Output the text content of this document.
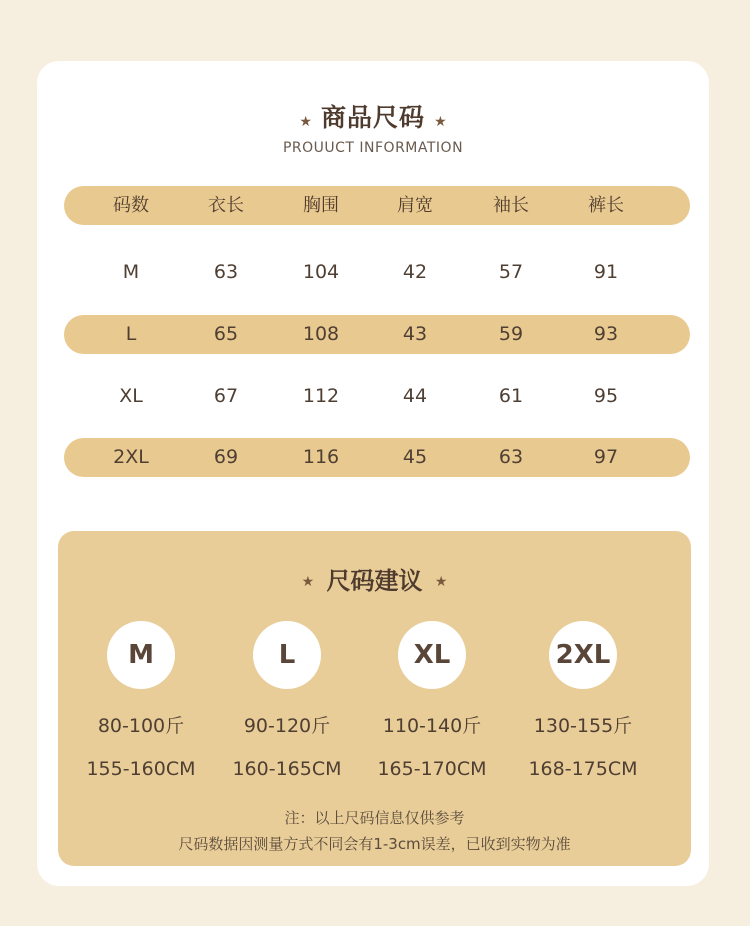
★ 商品尺码 ★
PROUUCT INFORMATION
码数	衣长	胸围	肩宽	袖长	裤长
M	63	104	42	57	91
L	65	108	43	59	93
XL	67	112	44	61	95
2XL	69	116	45	63	97
★ 尺码建议 ★
M
80-100斤
155-160CM
L
90-120斤
160-165CM
XL
110-140斤
165-170CM
2XL
130-155斤
168-175CM
注：以上尺码信息仅供参考
尺码数据因测量方式不同会有1-3cm误差，已收到实物为准
